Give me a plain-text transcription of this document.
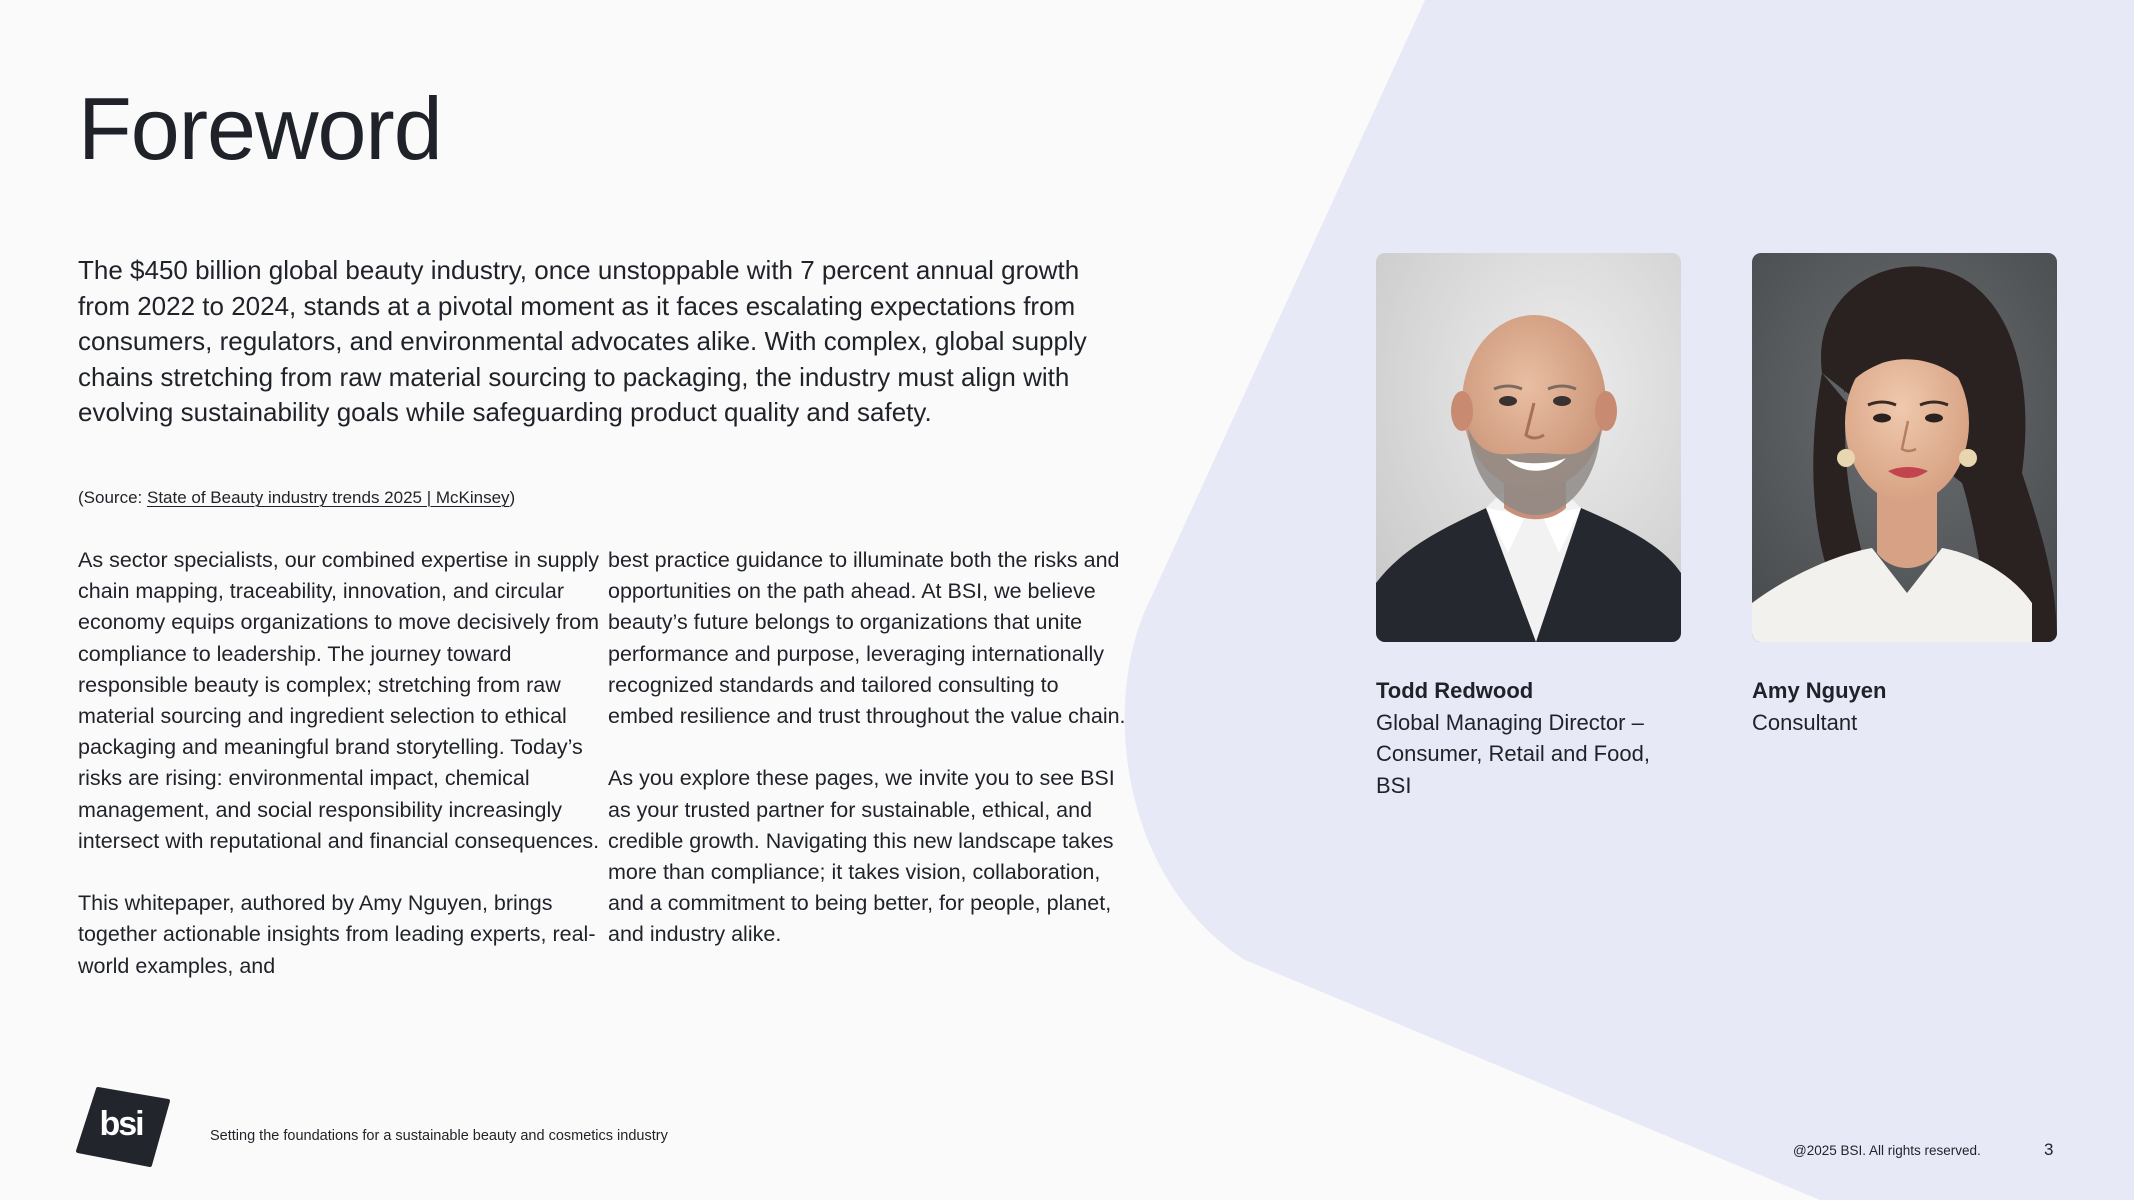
Foreword

The $450 billion global beauty industry, once unstoppable with 7 percent annual growth from 2022 to 2024, stands at a pivotal moment as it faces escalating expectations from consumers, regulators, and environmental advocates alike. With complex, global supply chains stretching from raw material sourcing to packaging, the industry must align with evolving sustainability goals while safeguarding product quality and safety.

(Source: State of Beauty industry trends 2025 | McKinsey)

As sector specialists, our combined expertise in supply chain mapping, traceability, innovation, and circular economy equips organizations to move decisively from compliance to leadership. The journey toward responsible beauty is complex; stretching from raw material sourcing and ingredient selection to ethical packaging and meaningful brand storytelling. Today’s risks are rising: environmental impact, chemical management, and social responsibility increasingly intersect with reputational and financial consequences.

This whitepaper, authored by Amy Nguyen, brings together actionable insights from leading experts, real-world examples, and

best practice guidance to illuminate both the risks and opportunities on the path ahead. At BSI, we believe beauty’s future belongs to organizations that unite performance and purpose, leveraging internationally recognized standards and tailored consulting to embed resilience and trust throughout the value chain.

As you explore these pages, we invite you to see BSI as your trusted partner for sustainable, ethical, and credible growth. Navigating this new landscape takes more than compliance; it takes vision, collaboration, and a commitment to being better, for people, planet, and industry alike.

Todd Redwood
Global Managing Director – Consumer, Retail and Food, BSI
Amy Nguyen
Consultant
bsi	Setting the foundations for a sustainable beauty and cosmetics industry
@2025 BSI. All rights reserved.	3
